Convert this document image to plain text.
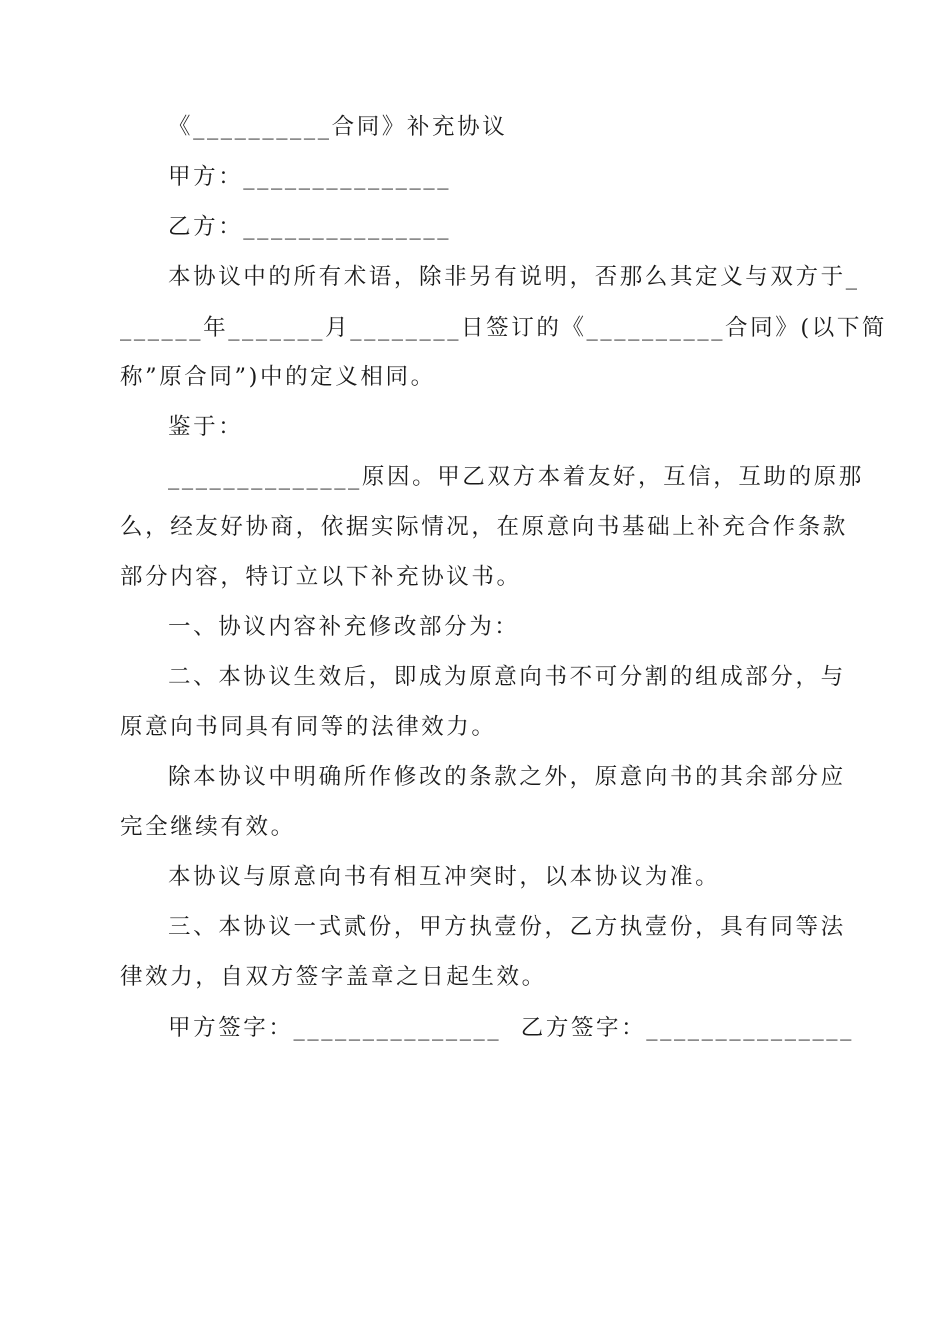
《__________合同》补充协议
甲方：_______________
乙方：_______________
本协议中的所有术语，除非另有说明，否那么其定义与双方于_
______年_______月________日签订的《__________合同》(以下简
称”原合同”)中的定义相同。
鉴于：
______________原因。甲乙双方本着友好，互信，互助的原那
么，经友好协商，依据实际情况，在原意向书基础上补充合作条款
部分内容，特订立以下补充协议书。
一、协议内容补充修改部分为：
二、本协议生效后，即成为原意向书不可分割的组成部分，与
原意向书同具有同等的法律效力。
除本协议中明确所作修改的条款之外，原意向书的其余部分应
完全继续有效。
本协议与原意向书有相互冲突时，以本协议为准。
三、本协议一式贰份，甲方执壹份，乙方执壹份，具有同等法
律效力，自双方签字盖章之日起生效。
甲方签字：_______________  乙方签字：_______________
